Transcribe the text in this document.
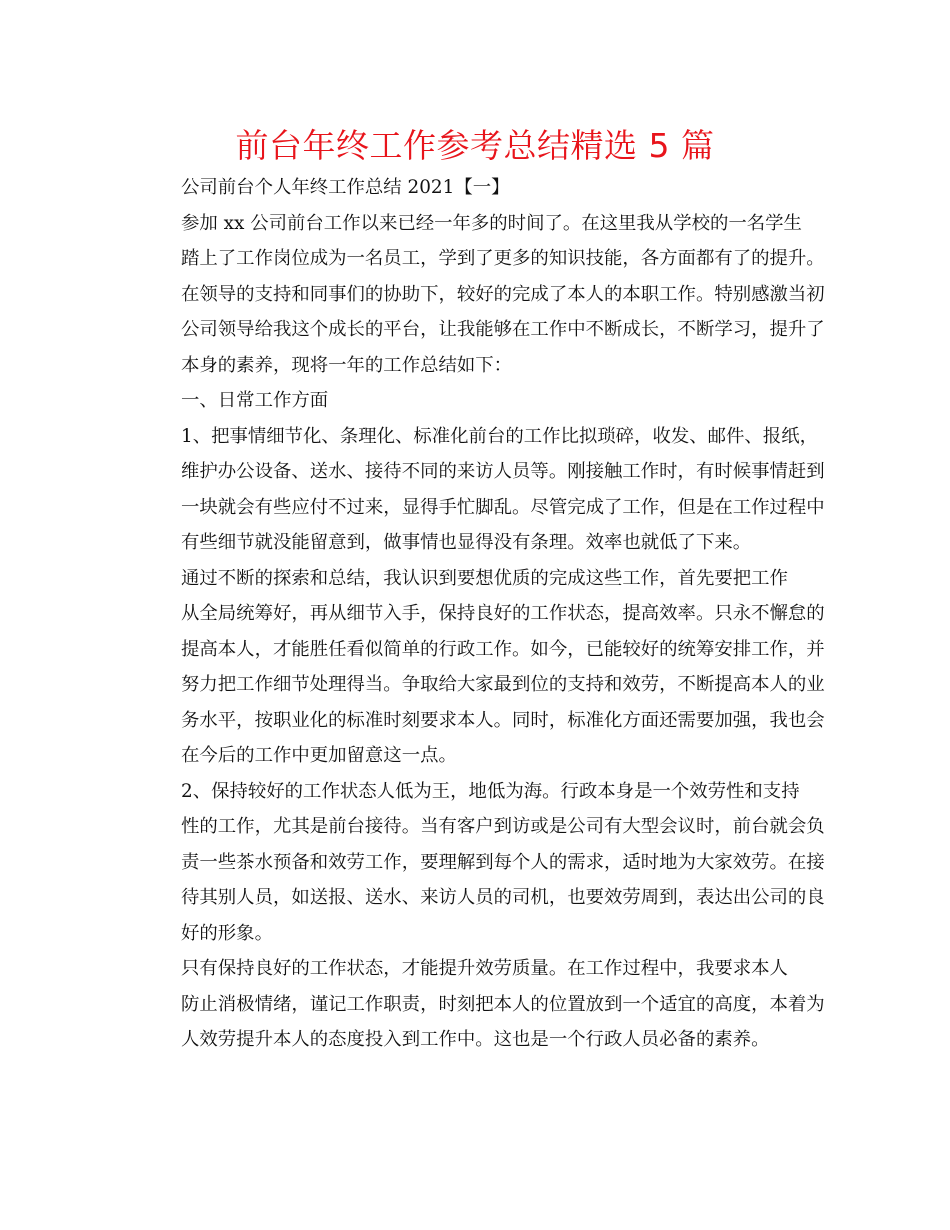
前台年终工作参考总结精选 5 篇

公司前台个人年终工作总结 2021【一】

参加 xx 公司前台工作以来已经一年多的时间了。在这里我从学校的一名学生
踏上了工作岗位成为一名员工，学到了更多的知识技能，各方面都有了的提升。
在领导的支持和同事们的协助下，较好的完成了本人的本职工作。特别感激当初
公司领导给我这个成长的平台，让我能够在工作中不断成长，不断学习，提升了
本身的素养，现将一年的工作总结如下：

一、日常工作方面

1、把事情细节化、条理化、标准化前台的工作比拟琐碎，收发、邮件、报纸，
维护办公设备、送水、接待不同的来访人员等。刚接触工作时，有时候事情赶到
一块就会有些应付不过来，显得手忙脚乱。尽管完成了工作，但是在工作过程中
有些细节就没能留意到，做事情也显得没有条理。效率也就低了下来。

通过不断的探索和总结，我认识到要想优质的完成这些工作，首先要把工作
从全局统筹好，再从细节入手，保持良好的工作状态，提高效率。只永不懈怠的
提高本人，才能胜任看似简单的行政工作。如今，已能较好的统筹安排工作，并
努力把工作细节处理得当。争取给大家最到位的支持和效劳，不断提高本人的业
务水平，按职业化的标准时刻要求本人。同时，标准化方面还需要加强，我也会
在今后的工作中更加留意这一点。

2、保持较好的工作状态人低为王，地低为海。行政本身是一个效劳性和支持
性的工作，尤其是前台接待。当有客户到访或是公司有大型会议时，前台就会负
责一些茶水预备和效劳工作，要理解到每个人的需求，适时地为大家效劳。在接
待其别人员，如送报、送水、来访人员的司机，也要效劳周到，表达出公司的良
好的形象。

只有保持良好的工作状态，才能提升效劳质量。在工作过程中，我要求本人
防止消极情绪，谨记工作职责，时刻把本人的位置放到一个适宜的高度，本着为
人效劳提升本人的态度投入到工作中。这也是一个行政人员必备的素养。
